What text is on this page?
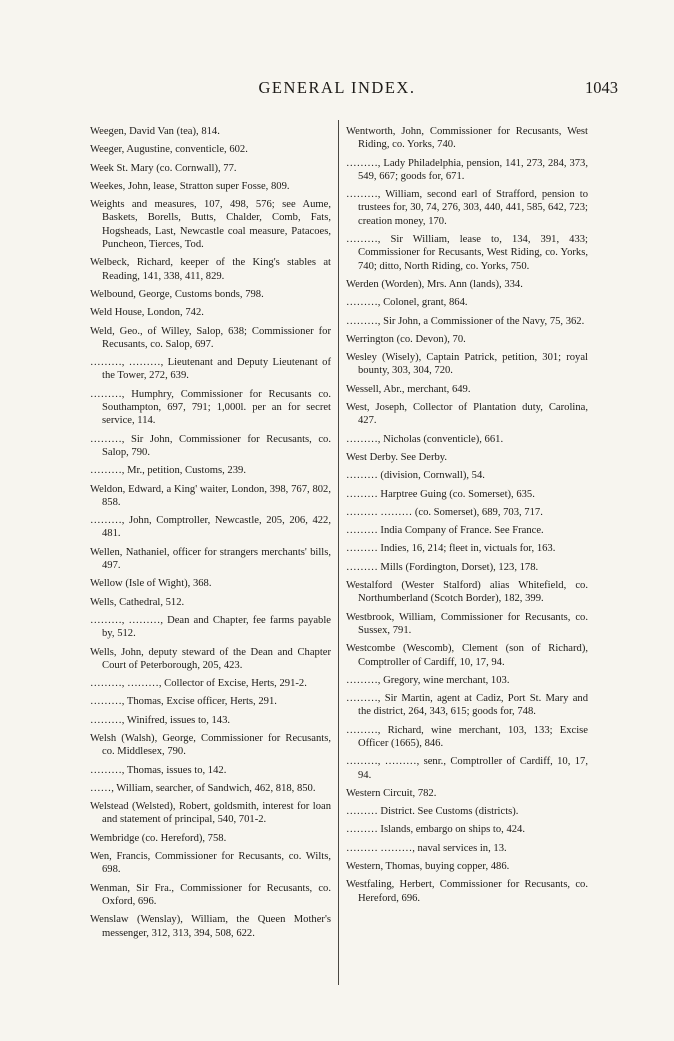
GENERAL INDEX.	1043
Weegen, David Van (tea), 814.
Weeger, Augustine, conventicle, 602.
Week St. Mary (co. Cornwall), 77.
Weekes, John, lease, Stratton super Fosse, 809.
Weights and measures, 107, 498, 576; see Aume, Baskets, Borells, Butts, Chalder, Comb, Fats, Hogsheads, Last, Newcastle coal measure, Patacoes, Puncheon, Tierces, Tod.
Welbeck, Richard, keeper of the King's stables at Reading, 141, 338, 411, 829.
Welbound, George, Customs bonds, 798.
Weld House, London, 742.
Weld, Geo., of Willey, Salop, 638; Commissioner for Recusants, co. Salop, 697.
………, ………, Lieutenant and Deputy Lieutenant of the Tower, 272, 639.
………, Humphry, Commissioner for Recusants co. Southampton, 697, 791; 1,000l. per an for secret service, 114.
………, Sir John, Commissioner for Recusants, co. Salop, 790.
………, Mr., petition, Customs, 239.
Weldon, Edward, a King' waiter, London, 398, 767, 802, 858.
………, John, Comptroller, Newcastle, 205, 206, 422, 481.
Wellen, Nathaniel, officer for strangers merchants' bills, 497.
Wellow (Isle of Wight), 368.
Wells, Cathedral, 512.
………, ………, Dean and Chapter, fee farms payable by, 512.
Wells, John, deputy steward of the Dean and Chapter Court of Peterborough, 205, 423.
………, ………, Collector of Excise, Herts, 291-2.
………, Thomas, Excise officer, Herts, 291.
………, Winifred, issues to, 143.
Welsh (Walsh), George, Commissioner for Recusants, co. Middlesex, 790.
………, Thomas, issues to, 142.
……, William, searcher, of Sandwich, 462, 818, 850.
Welstead (Welsted), Robert, goldsmith, interest for loan and statement of principal, 540, 701-2.
Wembridge (co. Hereford), 758.
Wen, Francis, Commissioner for Recusants, co. Wilts, 698.
Wenman, Sir Fra., Commissioner for Recusants, co. Oxford, 696.
Wenslaw (Wenslay), William, the Queen Mother's messenger, 312, 313, 394, 508, 622.
Wentworth, John, Commissioner for Recusants, West Riding, co. Yorks, 740.
………, Lady Philadelphia, pension, 141, 273, 284, 373, 549, 667; goods for, 671.
………, William, second earl of Strafford, pension to trustees for, 30, 74, 276, 303, 440, 441, 585, 642, 723; creation money, 170.
………, Sir William, lease to, 134, 391, 433; Commissioner for Recusants, West Riding, co. Yorks, 740; ditto, North Riding, co. Yorks, 750.
Werden (Worden), Mrs. Ann (lands), 334.
………, Colonel, grant, 864.
………, Sir John, a Commissioner of the Navy, 75, 362.
Werrington (co. Devon), 70.
Wesley (Wisely), Captain Patrick, petition, 301; royal bounty, 303, 304, 720.
Wessell, Abr., merchant, 649.
West, Joseph, Collector of Plantation duty, Carolina, 427.
………, Nicholas (conventicle), 661.
West Derby. See Derby.
……… (division, Cornwall), 54.
……… Harptree Guing (co. Somerset), 635.
……… ……… (co. Somerset), 689, 703, 717.
……… India Company of France. See France.
……… Indies, 16, 214; fleet in, victuals for, 163.
……… Mills (Fordington, Dorset), 123, 178.
Westalford (Wester Stalford) alias Whitefield, co. Northumberland (Scotch Border), 182, 399.
Westbrook, William, Commissioner for Recusants, co. Sussex, 791.
Westcombe (Wescomb), Clement (son of Richard), Comptroller of Cardiff, 10, 17, 94.
………, Gregory, wine merchant, 103.
………, Sir Martin, agent at Cadiz, Port St. Mary and the district, 264, 343, 615; goods for, 748.
………, Richard, wine merchant, 103, 133; Excise Officer (1665), 846.
………, ………, senr., Comptroller of Cardiff, 10, 17, 94.
Western Circuit, 782.
……… District. See Customs (districts).
……… Islands, embargo on ships to, 424.
……… ………, naval services in, 13.
Western, Thomas, buying copper, 486.
Westfaling, Herbert, Commissioner for Recusants, co. Hereford, 696.
